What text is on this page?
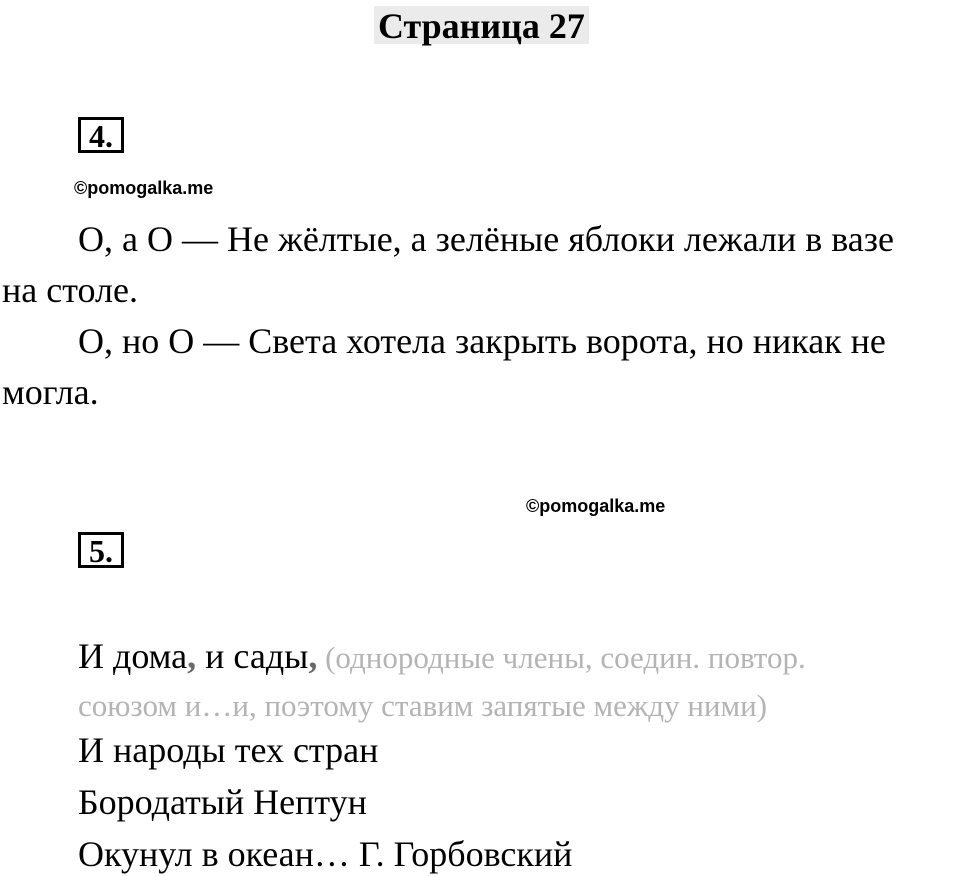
Страница 27
4.
©pomogalka.me
О, а О — Не жёлтые, а зелёные яблоки лежали в вазе
на столе.
О, но О — Света хотела закрыть ворота, но никак не
могла.
©pomogalka.me
5.
И дома, и сады, (однородные члены, соедин. повтор.
союзом и…и, поэтому ставим запятые между ними)
И народы тех стран
Бородатый Нептун
Окунул в океан… Г. Горбовский
